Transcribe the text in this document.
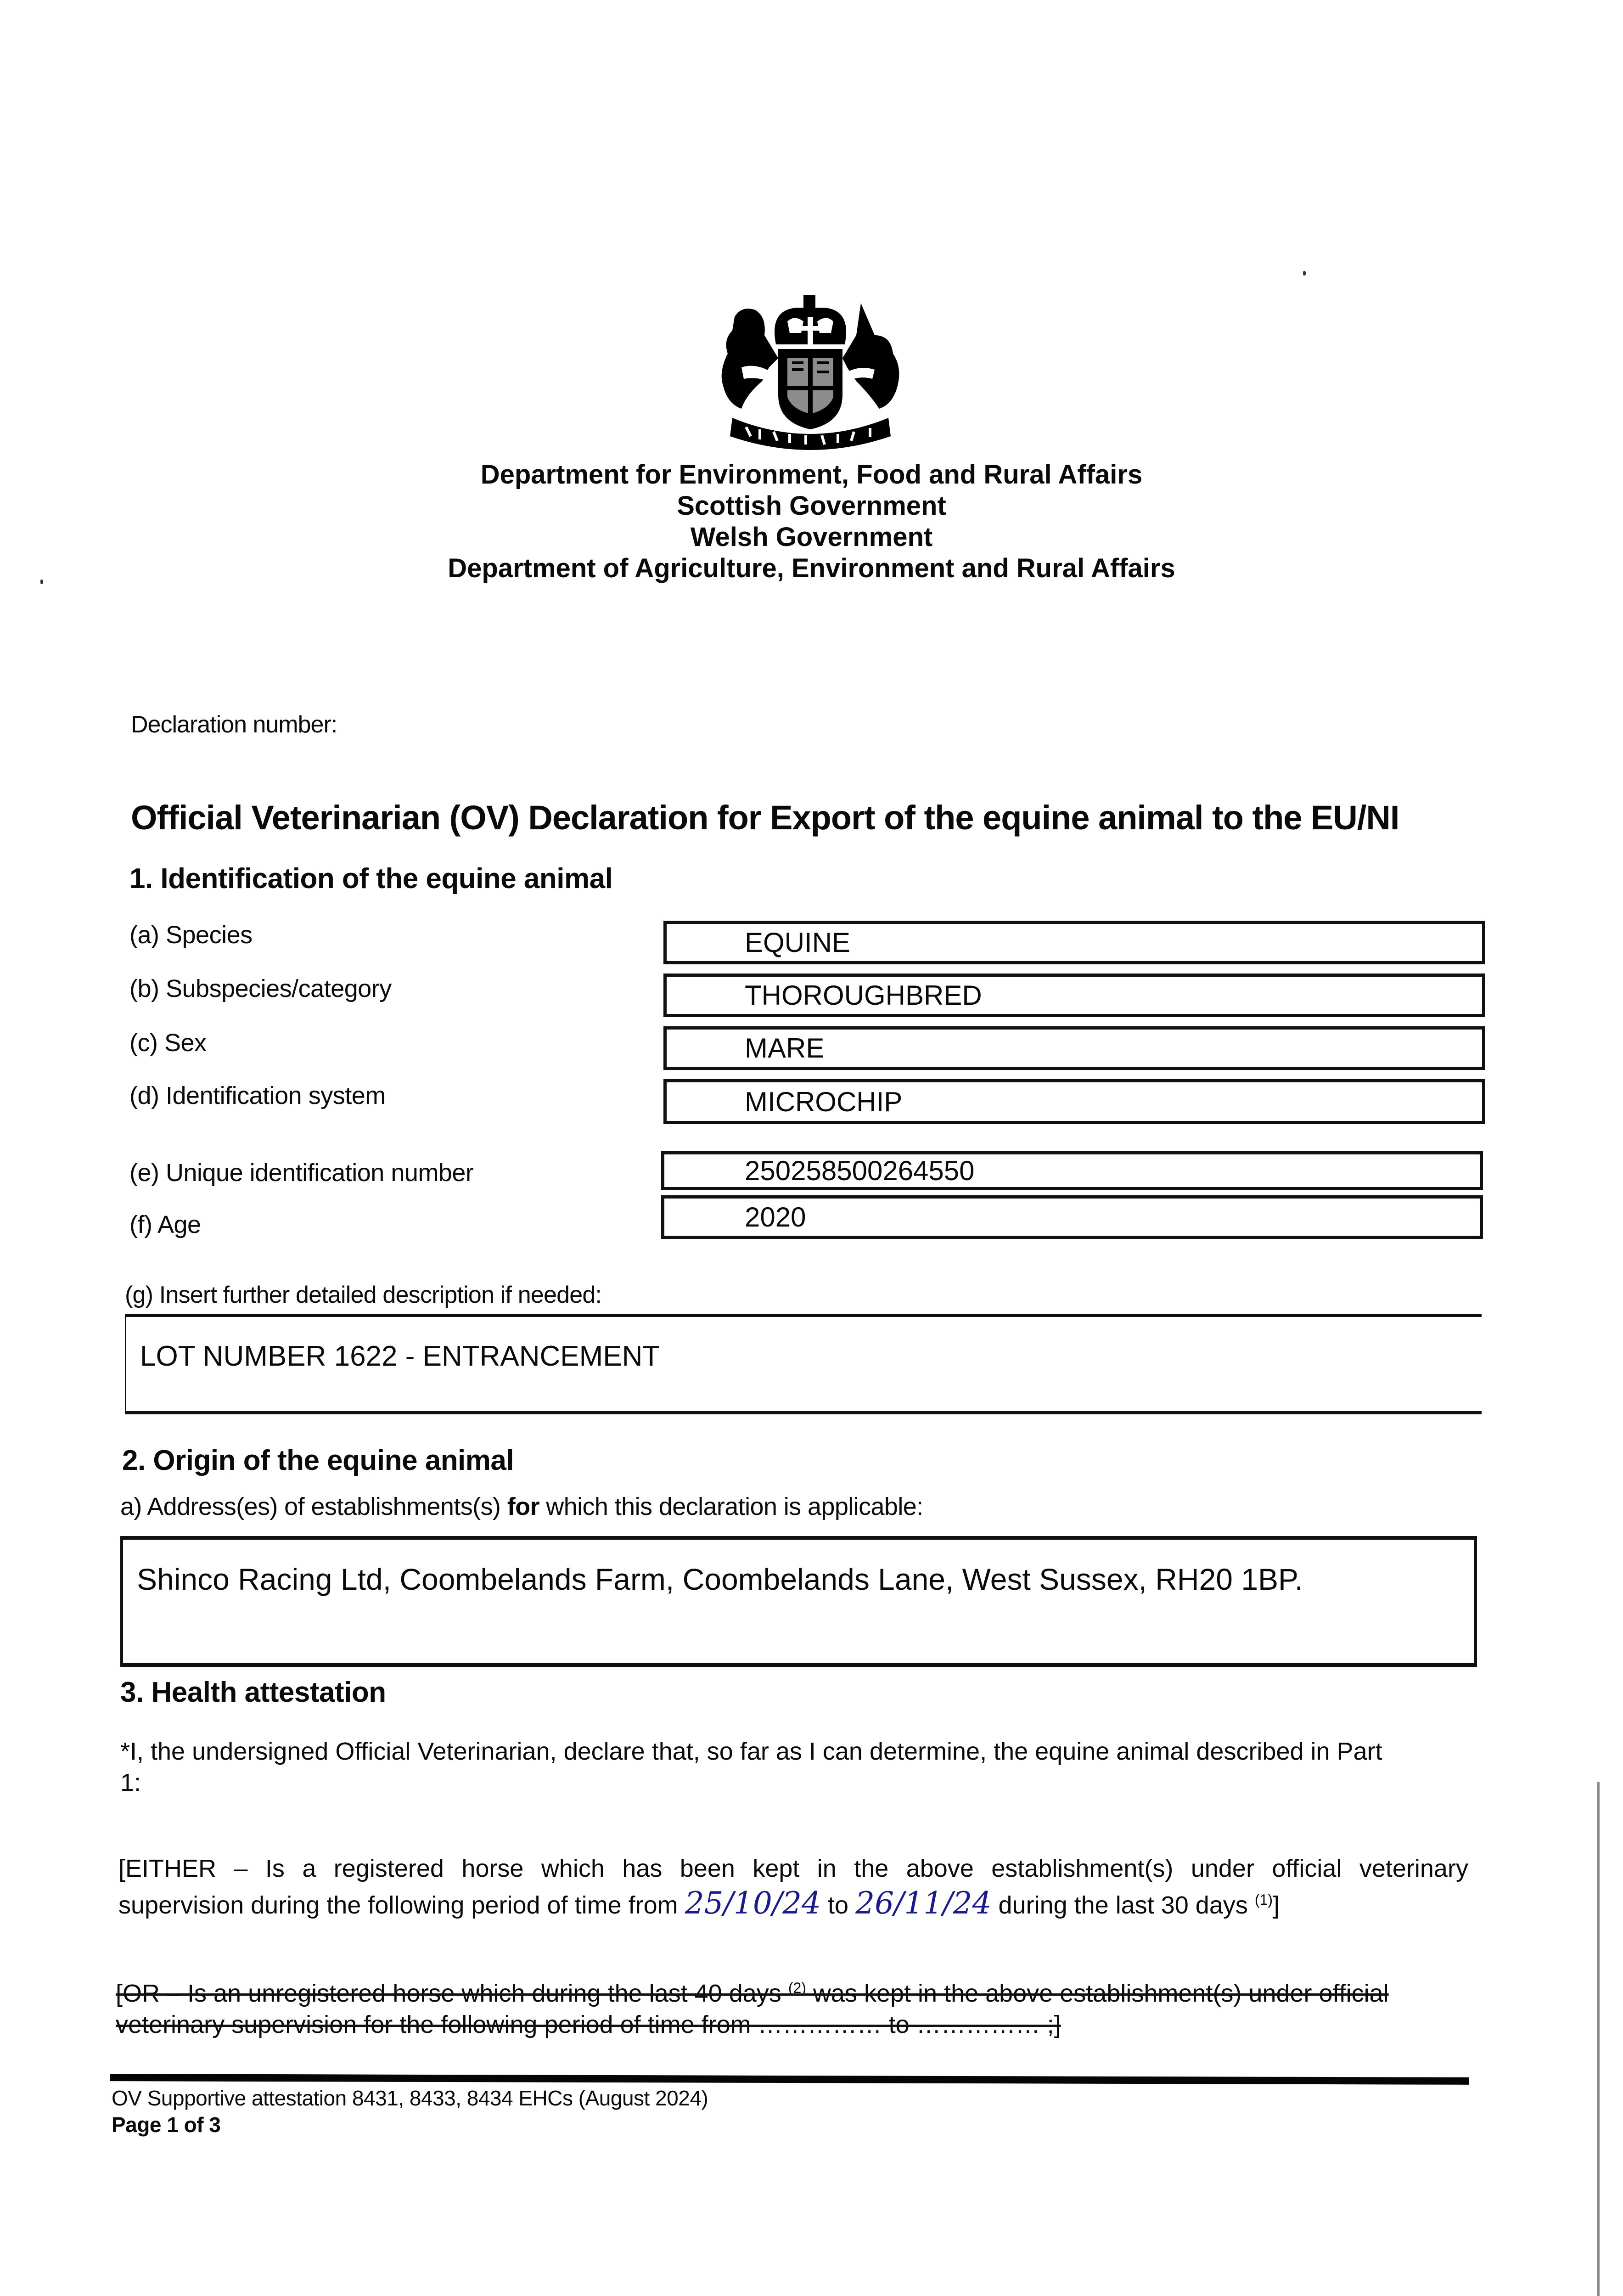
Department for Environment, Food and Rural Affairs
Scottish Government
Welsh Government
Department of Agriculture, Environment and Rural Affairs
Declaration number:
Official Veterinarian (OV) Declaration for Export of the equine animal to the EU/NI
1. Identification of the equine animal
(a) Species	EQUINE
(b) Subspecies/category	THOROUGHBRED
(c) Sex	MARE
(d) Identification system	MICROCHIP
(e) Unique identification number	250258500264550
(f) Age	2020
(g) Insert further detailed description if needed:
LOT NUMBER 1622 - ENTRANCEMENT
2. Origin of the equine animal
a) Address(es) of establishments(s) for which this declaration is applicable:
Shinco Racing Ltd, Coombelands Farm, Coombelands Lane, West Sussex, RH20 1BP.
3. Health attestation
*I, the undersigned Official Veterinarian, declare that, so far as I can determine, the equine animal described in Part
1:
[EITHER – Is a registered horse which has been kept in the above establishment(s) under official veterinary
supervision during the following period of time from 25/10/24 to 26/11/24 during the last 30 days $^{(1)}$]
[OR – Is an unregistered horse which during the last 40 days $^{(2)}$ was kept in the above establishment(s) under official
veterinary supervision for the following period of time from …………… to …………… ;]
OV Supportive attestation 8431, 8433, 8434 EHCs (August 2024)
Page 1 of 3
